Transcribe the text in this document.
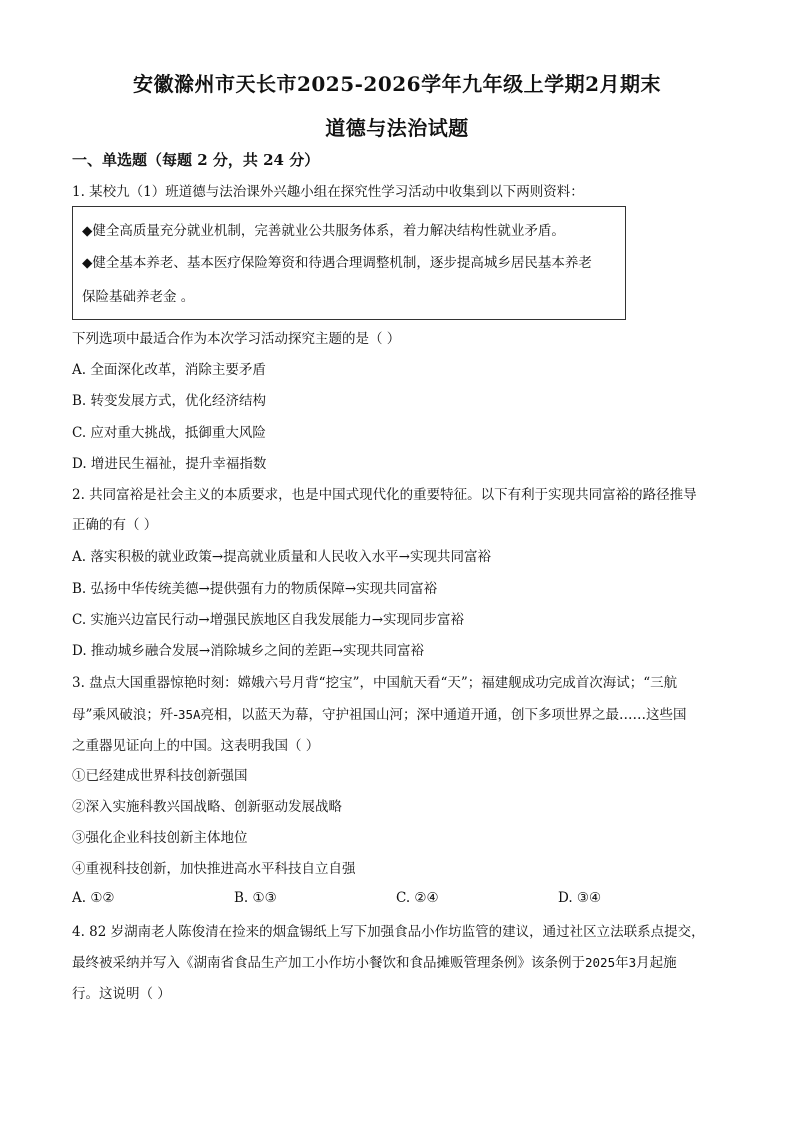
安徽滁州市天长市2025-2026学年九年级上学期2月期末
道德与法治试题
一、单选题（每题 2 分，共 24 分）
1. 某校九（1）班道德与法治课外兴趣小组在探究性学习活动中收集到以下两则资料：
◆健全高质量充分就业机制，完善就业公共服务体系，着力解决结构性就业矛盾。
◆健全基本养老、基本医疗保险筹资和待遇合理调整机制，逐步提高城乡居民基本养老
保险基础养老金 。
下列选项中最适合作为本次学习活动探究主题的是（ ）
A. 全面深化改革，消除主要矛盾
B. 转变发展方式，优化经济结构
C. 应对重大挑战，抵御重大风险
D. 增进民生福祉，提升幸福指数
2. 共同富裕是社会主义的本质要求，也是中国式现代化的重要特征。以下有利于实现共同富裕的路径推导
正确的有（ ）
A. 落实积极的就业政策→提高就业质量和人民收入水平→实现共同富裕
B. 弘扬中华传统美德→提供强有力的物质保障→实现共同富裕
C. 实施兴边富民行动→增强民族地区自我发展能力→实现同步富裕
D. 推动城乡融合发展→消除城乡之间的差距→实现共同富裕
3. 盘点大国重器惊艳时刻：嫦娥六号月背“挖宝”，中国航天看“天”；福建舰成功完成首次海试；“三航
母”乘风破浪；歼-35A亮相，以蓝天为幕，守护祖国山河；深中通道开通，创下多项世界之最……这些国
之重器见证向上的中国。这表明我国（ ）
①已经建成世界科技创新强国
②深入实施科教兴国战略、创新驱动发展战略
③强化企业科技创新主体地位
④重视科技创新，加快推进高水平科技自立自强
A. ①②	B. ①③	C. ②④	D. ③④
4. 82 岁湖南老人陈俊清在捡来的烟盒锡纸上写下加强食品小作坊监管的建议，通过社区立法联系点提交，
最终被采纳并写入《湖南省食品生产加工小作坊小餐饮和食品摊贩管理条例》该条例于2025年3月起施
行。这说明（ ）
